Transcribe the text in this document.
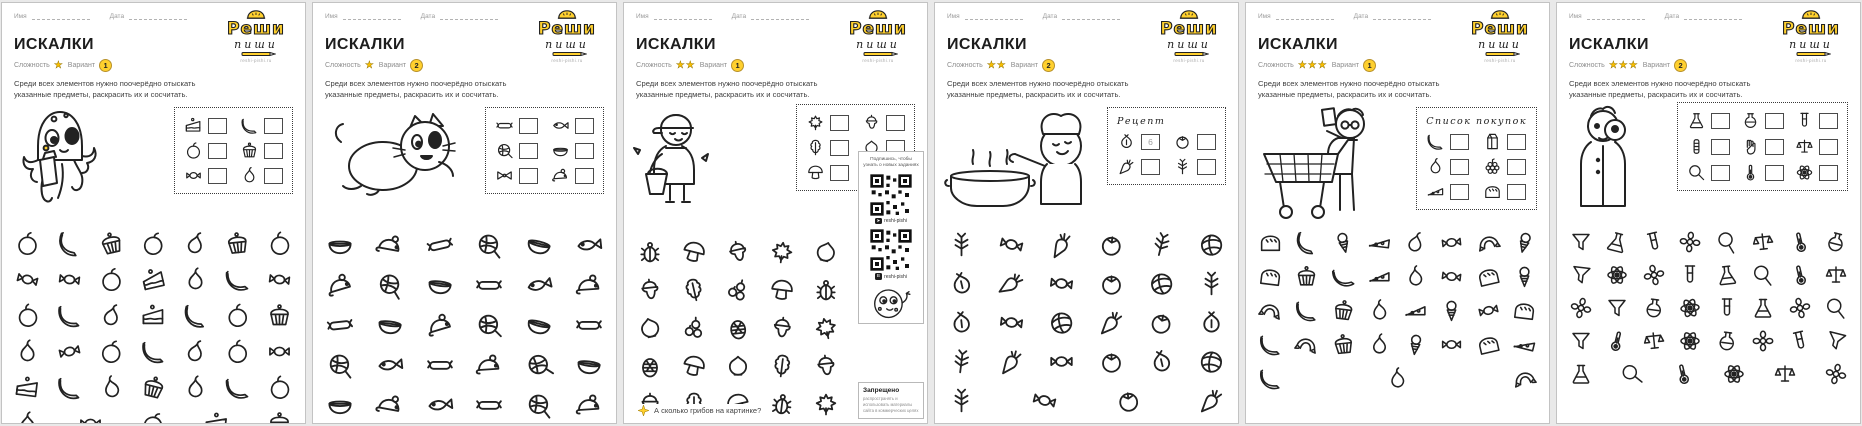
Имя	Дата
Реши
пиши
reshi-pishi.ru
ИСКАЛКИ
Сложность ★ Вариант	1

Среди всех элементов нужно поочерёдно отыскать указанные предметы, раскрасить их и сосчитать.

Имя	Дата
Реши
пиши
reshi-pishi.ru
ИСКАЛКИ
Сложность ★ Вариант	2

Среди всех элементов нужно поочерёдно отыскать указанные предметы, раскрасить их и сосчитать.

Имя	Дата
Реши
пиши
reshi-pishi.ru
ИСКАЛКИ
Сложность ★★ Вариант	1

Среди всех элементов нужно поочерёдно отыскать указанные предметы, раскрасить их и сосчитать.

А сколько грибов на картинке?

Подпишись, чтобы узнать о новых заданиях

➤ reshi-pishi
B reshi-pishi
Запрещено

распространять и использовать материалы сайта в коммерческих целях

Имя	Дата
Реши
пиши
reshi-pishi.ru
ИСКАЛКИ
Сложность ★★ Вариант	2

Среди всех элементов нужно поочерёдно отыскать указанные предметы, раскрасить их и сосчитать.

Рецепт

6
Имя	Дата
Реши
пиши
reshi-pishi.ru
ИСКАЛКИ
Сложность ★★★ Вариант	1

Среди всех элементов нужно поочерёдно отыскать указанные предметы, раскрасить их и сосчитать.

Список покупок

Имя	Дата
Реши
пиши
reshi-pishi.ru
ИСКАЛКИ
Сложность ★★★ Вариант	2

Среди всех элементов нужно поочерёдно отыскать указанные предметы, раскрасить их и сосчитать.
